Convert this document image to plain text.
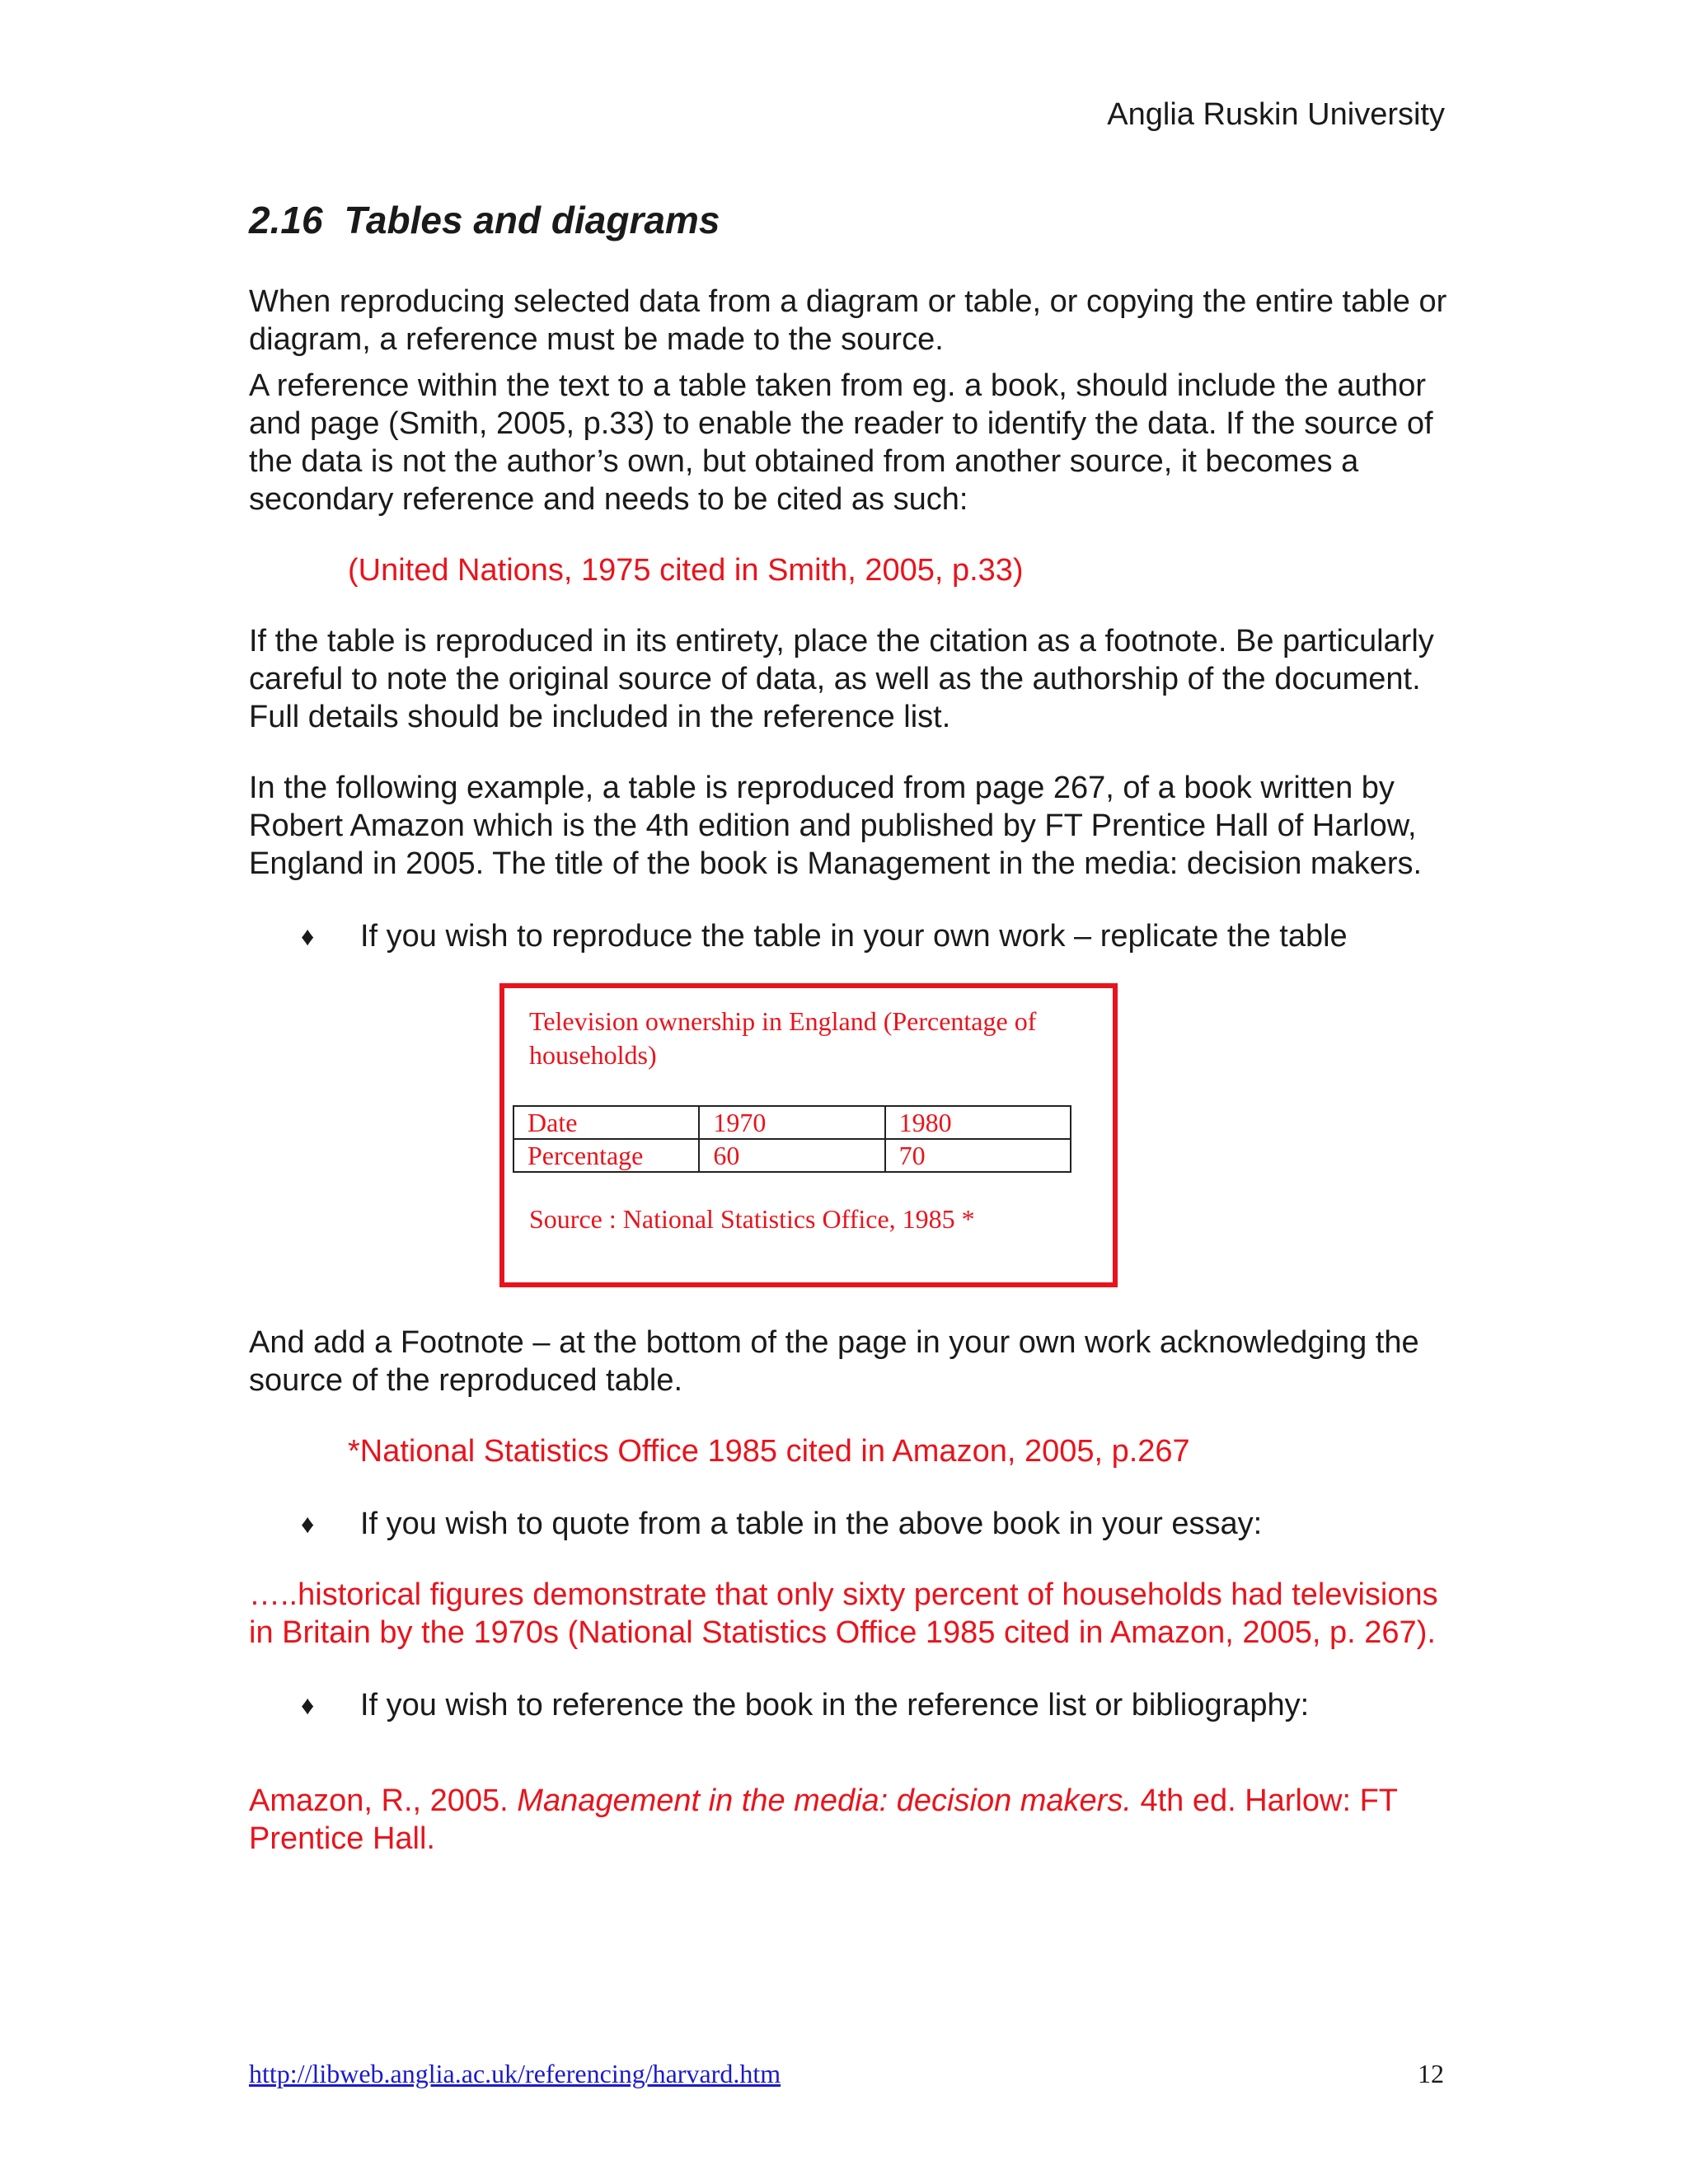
Anglia Ruskin University
2.16 Tables and diagrams

When reproducing selected data from a diagram or table, or copying the entire table or diagram, a reference must be made to the source.

A reference within the text to a table taken from eg. a book, should include the author and page (Smith, 2005, p.33) to enable the reader to identify the data. If the source of the data is not the author’s own, but obtained from another source, it becomes a secondary reference and needs to be cited as such:

(United Nations, 1975 cited in Smith, 2005, p.33)

If the table is reproduced in its entirety, place the citation as a footnote. Be particularly careful to note the original source of data, as well as the authorship of the document. Full details should be included in the reference list.

In the following example, a table is reproduced from page 267, of a book written by Robert Amazon which is the 4th edition and published by FT Prentice Hall of Harlow, England in 2005. The title of the book is Management in the media: decision makers.

♦	If you wish to reproduce the table in your own work – replicate the table
Television ownership in England (Percentage of households)
Date	1970	1980
Percentage	60	70
Source : National Statistics Office, 1985 *

And add a Footnote – at the bottom of the page in your own work acknowledging the source of the reproduced table.

*National Statistics Office 1985 cited in Amazon, 2005, p.267

♦	If you wish to quote from a table in the above book in your essay:

…..historical figures demonstrate that only sixty percent of households had televisions in Britain by the 1970s (National Statistics Office 1985 cited in Amazon, 2005, p. 267).

♦	If you wish to reference the book in the reference list or bibliography:

Amazon, R., 2005. Management in the media: decision makers. 4th ed. Harlow: FT Prentice Hall.

http://libweb.anglia.ac.uk/referencing/harvard.htm	12
